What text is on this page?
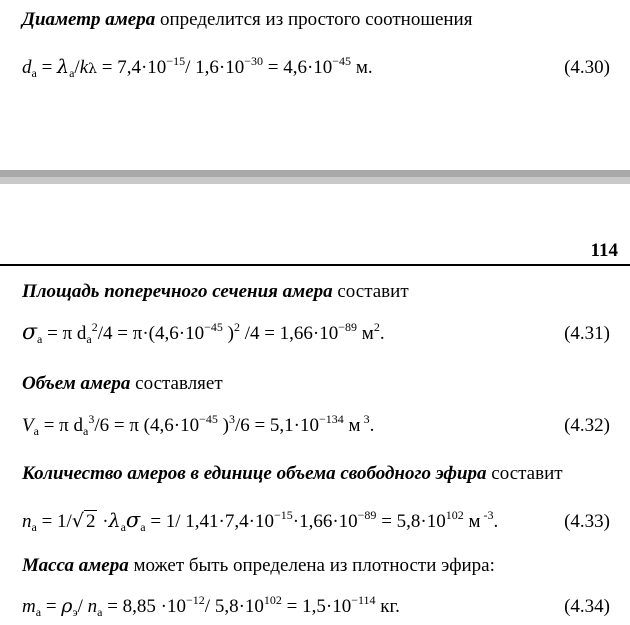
Диаметр амера определится из простого соотношения
$d_a = \lambda_a/k\lambda = 7,4\cdot 10^{-15}/$ $1,6\cdot 10^{-30} = 4,6\cdot 10^{-45}$ м.	(4.30)
114
Площадь поперечного сечения амера составит
$\sigma_a = \pi$ $d_a^2/4 = \pi\cdot(4,6\cdot 10^{-45}$ )$^2$ $/4 = 1,66\cdot 10^{-89}$ $м^2$.	(4.31)
Объем амера составляет
$V_a = \pi$ $d_a^3/6 = \pi$ ($4,6\cdot 10^{-45}$ )$^3/6 = 5,1\cdot 10^{-134}$ м $^3$.	(4.32)
Количество амеров в единице объема свободного эфира составит
$n_a = 1/√$ $2 \cdot\lambda_a\sigma_a = 1/$ $1,41\cdot 7,4\cdot 10^{-15}\cdot 1,66\cdot 10^{-89} = 5,8\cdot 10^{102}$ м $^{-3}$.	(4.33)
Масса амера может быть определена из плотности эфира:
$m_a = \rho_э/$ $n_a = 8,85 \cdot 10^{-12}/$ $5,8\cdot 10^{102} = 1,5\cdot 10^{-114}$ кг.	(4.34)
